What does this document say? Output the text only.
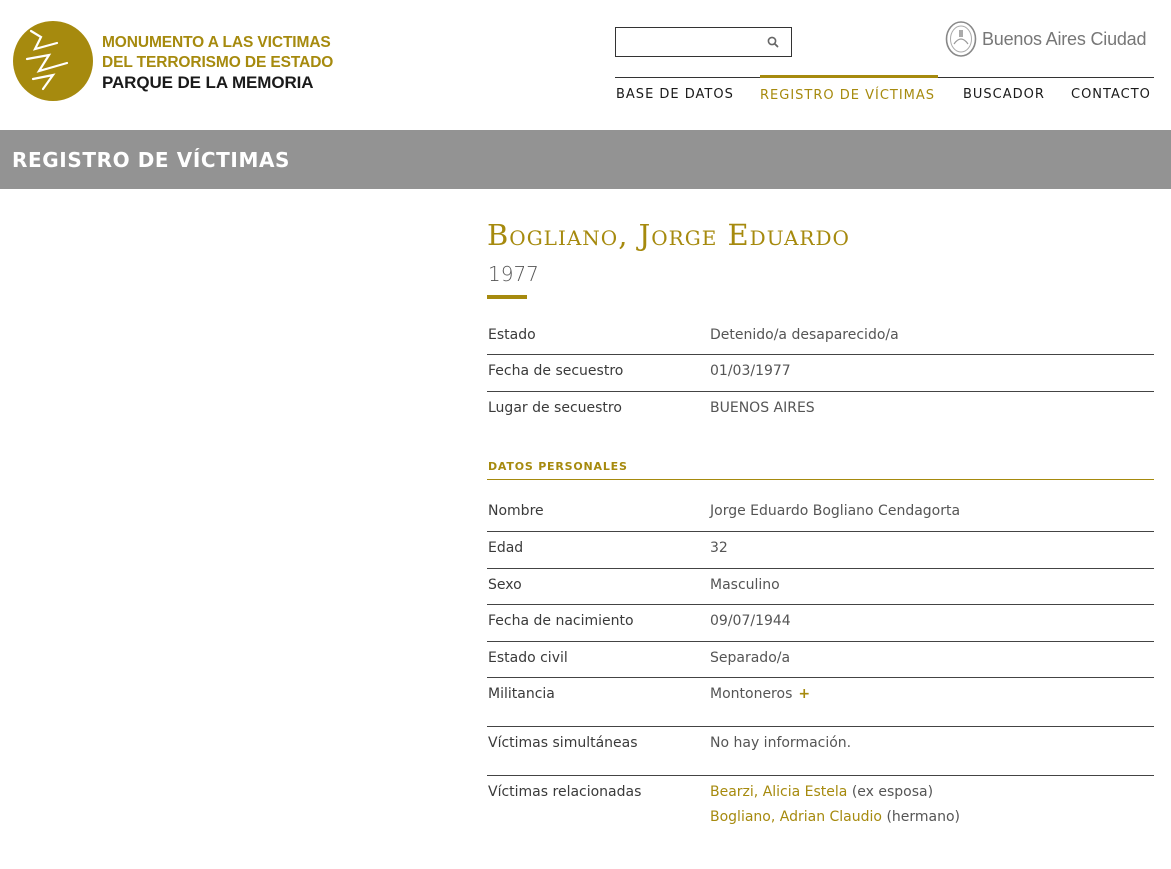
MONUMENTO A LAS VICTIMAS
DEL TERRORISMO DE ESTADO
PARQUE DE LA MEMORIA
Buenos Aires Ciudad
BASE DE DATOS REGISTRO DE VÍCTIMAS BUSCADOR CONTACTO
REGISTRO DE VÍCTIMAS
Bogliano, Jorge Eduardo
1977
Estado	Detenido/a desaparecido/a
Fecha de secuestro	01/03/1977
Lugar de secuestro	BUENOS AIRES
DATOS PERSONALES
Nombre	Jorge Eduardo Bogliano Cendagorta
Edad	32
Sexo	Masculino
Fecha de nacimiento	09/07/1944
Estado civil	Separado/a
Militancia	Montoneros +
Víctimas simultáneas	No hay información.
Víctimas relacionadas	Bearzi, Alicia Estela (ex esposa)
Bogliano, Adrian Claudio (hermano)
